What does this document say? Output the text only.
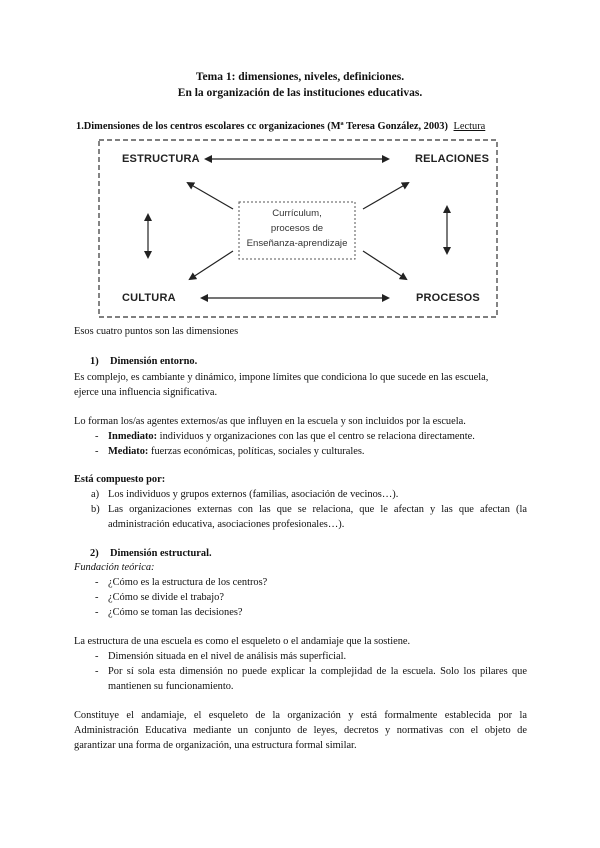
Tema 1: dimensiones, niveles, definiciones.
En la organización de las instituciones educativas.
1.Dimensiones de los centros escolares cc organizaciones (Mª Teresa González, 2003) Lectura
ESTRUCTURA	RELACIONES
CULTURA	PROCESOS
Currículum,
procesos de
Enseñanza-aprendizaje
Esos cuatro puntos son las dimensiones
1) Dimensión entorno.
Es complejo, es cambiante y dinámico, impone límites que condiciona lo que sucede en las escuela,
ejerce una influencia significativa.
Lo forman los/as agentes externos/as que influyen en la escuela y son incluidos por la escuela.
- Inmediato: individuos y organizaciones con las que el centro se relaciona directamente.
- Mediato: fuerzas económicas, políticas, sociales y culturales.
Está compuesto por:
a) Los individuos y grupos externos (familias, asociación de vecinos…).
b) Las organizaciones externas con las que se relaciona, que le afectan y las que afectan (la
administración educativa, asociaciones profesionales…).
2) Dimensión estructural.
Fundación teórica:
- ¿Cómo es la estructura de los centros?
- ¿Cómo se divide el trabajo?
- ¿Cómo se toman las decisiones?
La estructura de una escuela es como el esqueleto o el andamiaje que la sostiene.
- Dimensión situada en el nivel de análisis más superficial.
- Por sí sola esta dimensión no puede explicar la complejidad de la escuela. Solo los pilares que
mantienen su funcionamiento.
Constituye el andamiaje, el esqueleto de la organización y está formalmente establecida por la
Administración Educativa mediante un conjunto de leyes, decretos y normativas con el objeto de
garantizar una forma de organización, una estructura formal similar.
